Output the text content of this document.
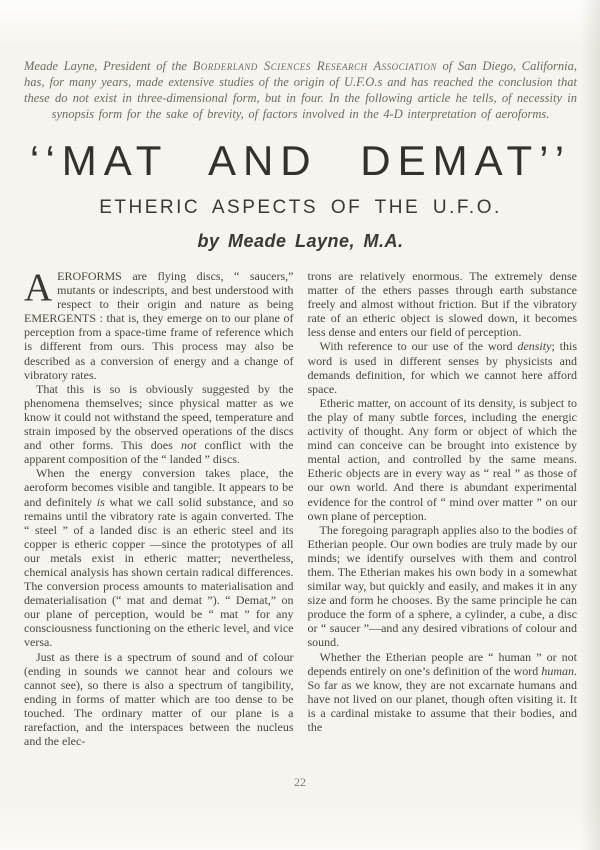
Meade Layne, President of the Borderland Sciences Research Association of San Diego, California, has, for many years, made extensive studies of the origin of U.F.O.s and has reached the conclusion that these do not exist in three-dimensional form, but in four. In the following article he tells, of necessity in synopsis form for the sake of brevity, of factors involved in the 4-D interpretation of aeroforms.

‘‘MAT AND DEMAT’’
ETHERIC ASPECTS OF THE U.F.O.
by Meade Layne, M.A.

AEROFORMS are flying discs, “ saucers,” mutants or indescripts, and best understood with respect to their origin and nature as being EMERGENTS : that is, they emerge on to our plane of perception from a space-time frame of reference which is different from ours. This process may also be described as a conversion of energy and a change of vibratory rates.

That this is so is obviously suggested by the phenomena themselves; since physical matter as we know it could not withstand the speed, temperature and strain imposed by the observed operations of the discs and other forms. This does not conflict with the apparent composition of the “ landed ” discs.

When the energy conversion takes place, the aeroform becomes visible and tangible. It appears to be and definitely is what we call solid substance, and so remains until the vibratory rate is again converted. The “ steel ” of a landed disc is an etheric steel and its copper is etheric copper —since the prototypes of all our metals exist in etheric matter; nevertheless, chemical analysis has shown certain radical differences. The conversion process amounts to materialisation and dematerialisation (“ mat and demat ”). “ Demat,” on our plane of perception, would be “ mat ” for any consciousness functioning on the etheric level, and vice versa.

Just as there is a spectrum of sound and of colour (ending in sounds we cannot hear and colours we cannot see), so there is also a spectrum of tangibility, ending in forms of matter which are too dense to be touched. The ordinary matter of our plane is a rarefaction, and the interspaces between the nucleus and the elec-

trons are relatively enormous. The extremely dense matter of the ethers passes through earth substance freely and almost without friction. But if the vibratory rate of an etheric object is slowed down, it becomes less dense and enters our field of perception.

With reference to our use of the word density; this word is used in different senses by physicists and demands definition, for which we cannot here afford space.

Etheric matter, on account of its density, is subject to the play of many subtle forces, including the energic activity of thought. Any form or object of which the mind can conceive can be brought into existence by mental action, and controlled by the same means. Etheric objects are in every way as “ real ” as those of our own world. And there is abundant experimental evidence for the control of “ mind over matter ” on our own plane of perception.

The foregoing paragraph applies also to the bodies of Etherian people. Our own bodies are truly made by our minds; we identify ourselves with them and control them. The Etherian makes his own body in a somewhat similar way, but quickly and easily, and makes it in any size and form he chooses. By the same principle he can produce the form of a sphere, a cylinder, a cube, a disc or “ saucer ”—and any desired vibrations of colour and sound.

Whether the Etherian people are “ human ” or not depends entirely on one’s definition of the word human. So far as we know, they are not excarnate humans and have not lived on our planet, though often visiting it. It is a cardinal mistake to assume that their bodies, and the

22
